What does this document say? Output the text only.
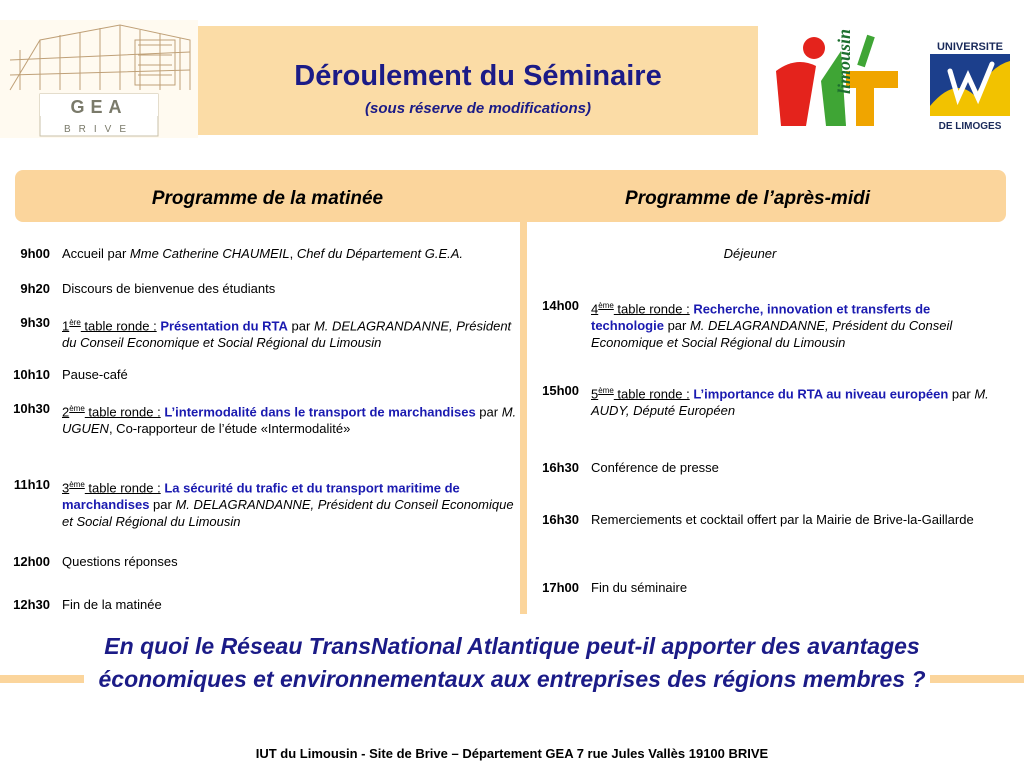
GEA
BRIVE
Déroulement du Séminaire
(sous réserve de modifications)
limousin	UNIVERSITE
DE LIMOGES
Programme de la matinée	Programme de l’après-midi
9h00 Accueil par Mme Catherine CHAUMEIL, Chef du Département G.E.A.
9h20 Discours de bienvenue des étudiants
9h30 1ère table ronde : Présentation du RTA par M. DELAGRANDANNE, Président du Conseil Economique et Social Régional du Limousin
10h10 Pause-café
10h30 2ème table ronde : L’intermodalité dans le transport de marchandises par M. UGUEN, Co-rapporteur de l’étude «Intermodalité»
11h10 3ème table ronde : La sécurité du trafic et du transport maritime de marchandises par M. DELAGRANDANNE, Président du Conseil Economique et Social Régional du Limousin
12h00 Questions réponses
12h30 Fin de la matinée
Déjeuner
14h00 4ème table ronde : Recherche, innovation et transferts de technologie par M. DELAGRANDANNE, Président du Conseil Economique et Social Régional du Limousin
15h00 5ème table ronde : L’importance du RTA au niveau européen par M. AUDY, Député Européen
16h30 Conférence de presse
16h30 Remerciements et cocktail offert par la Mairie de Brive-la-Gaillarde
17h00 Fin du séminaire
En quoi le Réseau TransNational Atlantique peut-il apporter des avantages économiques et environnementaux aux entreprises des régions membres ?
IUT du Limousin - Site de Brive – Département GEA 7 rue Jules Vallès 19100 BRIVE
